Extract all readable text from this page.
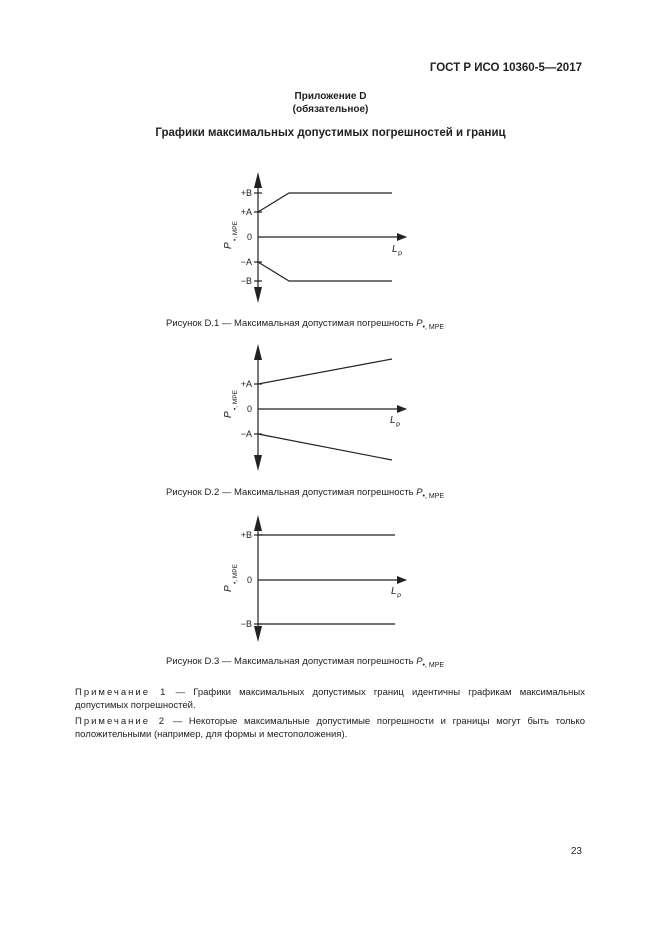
ГОСТ Р ИСО 10360-5—2017
Приложение D
(обязательное)
Графики максимальных допустимых погрешностей и границ
+B
+A
0
−A
−B
P
•, MPE
L P
+A
0
−A
P
•, MPE
L P
+B
0
−B
P
•, MPE
L P
Рисунок D.1 — Максимальная допустимая погрешность $P_{•, MPE}$
Рисунок D.2 — Максимальная допустимая погрешность $P_{•, MPE}$
Рисунок D.3 — Максимальная допустимая погрешность $P_{•, MPE}$
Примечание 1 — Графики максимальных допустимых границ идентичны графикам максимальных допустимых погрешностей.
Примечание 2 — Некоторые максимальные допустимые погрешности и границы могут быть только положительными (например, для формы и местоположения).
23
